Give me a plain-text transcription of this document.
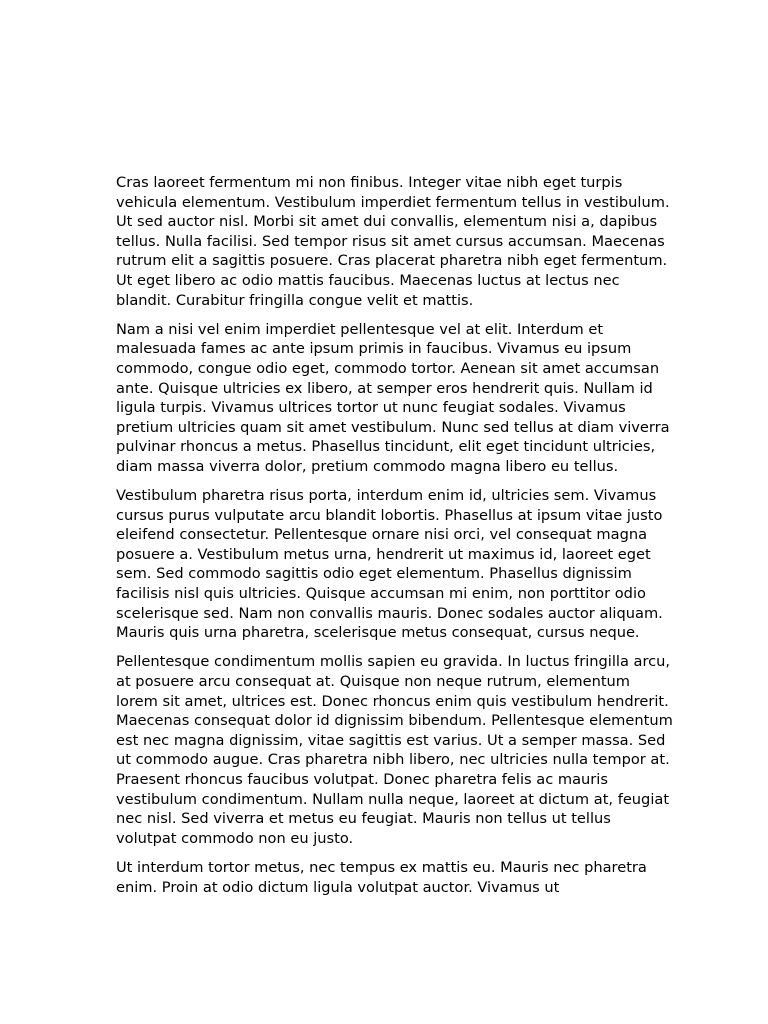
Cras laoreet fermentum mi non finibus. Integer vitae nibh eget turpis vehicula elementum. Vestibulum imperdiet fermentum tellus in vestibulum. Ut sed auctor nisl. Morbi sit amet dui convallis, elementum nisi a, dapibus tellus. Nulla facilisi. Sed tempor risus sit amet cursus accumsan. Maecenas rutrum elit a sagittis posuere. Cras placerat pharetra nibh eget fermentum. Ut eget libero ac odio mattis faucibus. Maecenas luctus at lectus nec blandit. Curabitur fringilla congue velit et mattis.

Nam a nisi vel enim imperdiet pellentesque vel at elit. Interdum et malesuada fames ac ante ipsum primis in faucibus. Vivamus eu ipsum commodo, congue odio eget, commodo tortor. Aenean sit amet accumsan ante. Quisque ultricies ex libero, at semper eros hendrerit quis. Nullam id ligula turpis. Vivamus ultrices tortor ut nunc feugiat sodales. Vivamus pretium ultricies quam sit amet vestibulum. Nunc sed tellus at diam viverra pulvinar rhoncus a metus. Phasellus tincidunt, elit eget tincidunt ultricies, diam massa viverra dolor, pretium commodo magna libero eu tellus.

Vestibulum pharetra risus porta, interdum enim id, ultricies sem. Vivamus cursus purus vulputate arcu blandit lobortis. Phasellus at ipsum vitae justo eleifend consectetur. Pellentesque ornare nisi orci, vel consequat magna posuere a. Vestibulum metus urna, hendrerit ut maximus id, laoreet eget sem. Sed commodo sagittis odio eget elementum. Phasellus dignissim facilisis nisl quis ultricies. Quisque accumsan mi enim, non porttitor odio scelerisque sed. Nam non convallis mauris. Donec sodales auctor aliquam. Mauris quis urna pharetra, scelerisque metus consequat, cursus neque.

Pellentesque condimentum mollis sapien eu gravida. In luctus fringilla arcu, at posuere arcu consequat at. Quisque non neque rutrum, elementum lorem sit amet, ultrices est. Donec rhoncus enim quis vestibulum hendrerit. Maecenas consequat dolor id dignissim bibendum. Pellentesque elementum est nec magna dignissim, vitae sagittis est varius. Ut a semper massa. Sed ut commodo augue. Cras pharetra nibh libero, nec ultricies nulla tempor at. Praesent rhoncus faucibus volutpat. Donec pharetra felis ac mauris vestibulum condimentum. Nullam nulla neque, laoreet at dictum at, feugiat nec nisl. Sed viverra et metus eu feugiat. Mauris non tellus ut tellus volutpat commodo non eu justo.

Ut interdum tortor metus, nec tempus ex mattis eu. Mauris nec pharetra enim. Proin at odio dictum ligula volutpat auctor. Vivamus ut
